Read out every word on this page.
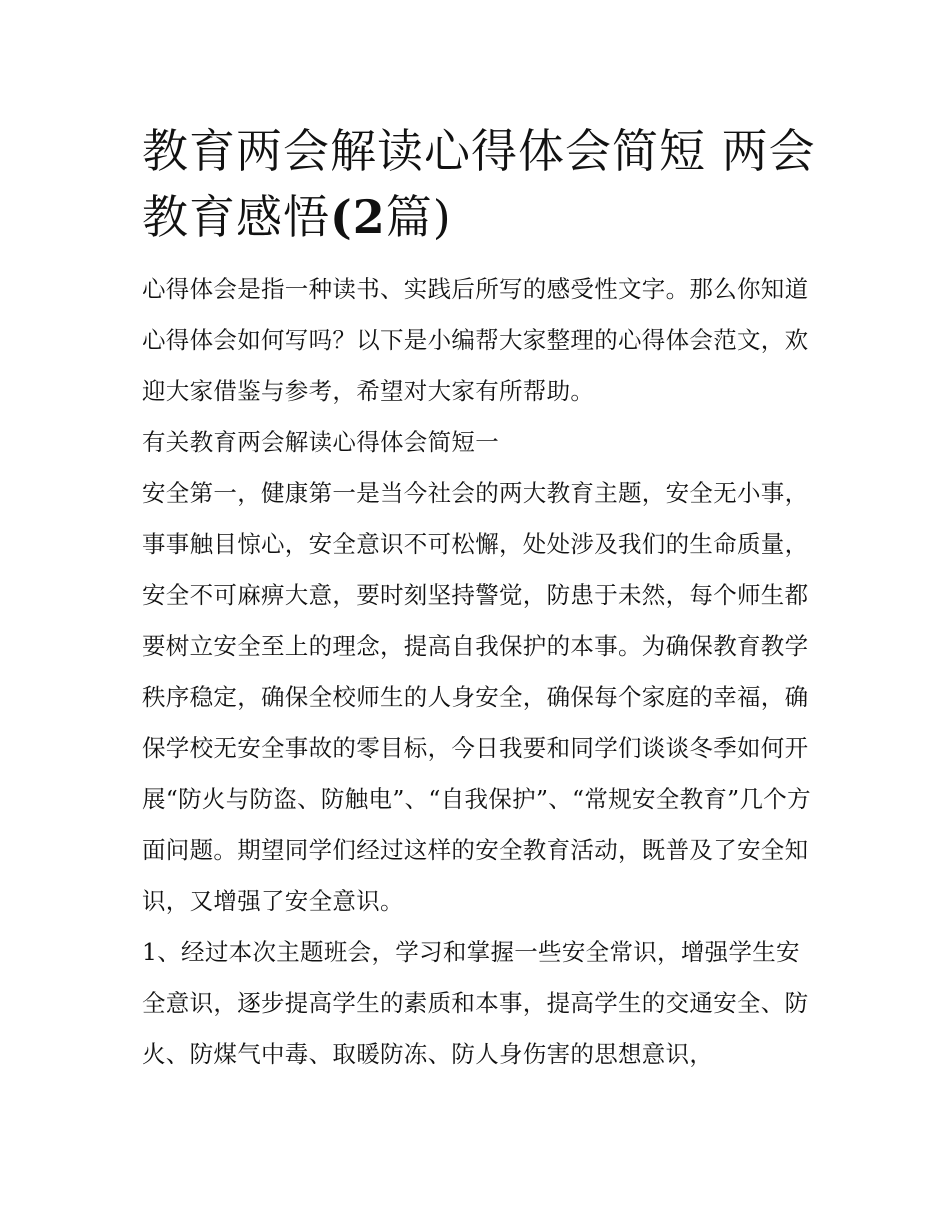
教育两会解读心得体会简短 两会教育感悟(2篇)

心得体会是指一种读书、实践后所写的感受性文字。那么你知道心得体会如何写吗？以下是小编帮大家整理的心得体会范文，欢迎大家借鉴与参考，希望对大家有所帮助。

有关教育两会解读心得体会简短一

安全第一，健康第一是当今社会的两大教育主题，安全无小事，事事触目惊心，安全意识不可松懈，处处涉及我们的生命质量，安全不可麻痹大意，要时刻坚持警觉，防患于未然，每个师生都要树立安全至上的理念，提高自我保护的本事。为确保教育教学秩序稳定，确保全校师生的人身安全，确保每个家庭的幸福，确保学校无安全事故的零目标，今日我要和同学们谈谈冬季如何开展“防火与防盗、防触电”、“自我保护”、“常规安全教育”几个方面问题。期望同学们经过这样的安全教育活动，既普及了安全知识，又增强了安全意识。

1、经过本次主题班会，学习和掌握一些安全常识，增强学生安全意识，逐步提高学生的素质和本事，提高学生的交通安全、防火、防煤气中毒、取暖防冻、防人身伤害的思想意识，
